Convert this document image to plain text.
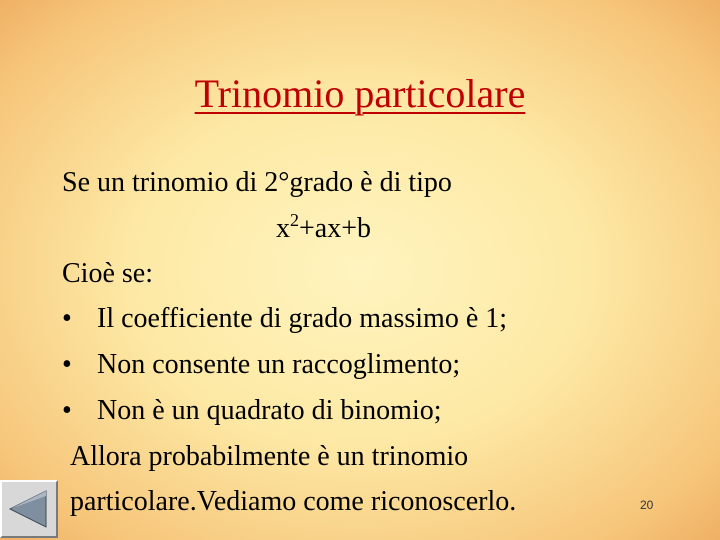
Trinomio particolare
Se un trinomio di 2°grado è di tipo
$x^2+ax+b$
Cioè se:
• Il coefficiente di grado massimo è 1;
• Non consente un raccoglimento;
• Non è un quadrato di binomio;
Allora probabilmente è un trinomio
particolare.Vediamo come riconoscerlo.	20
